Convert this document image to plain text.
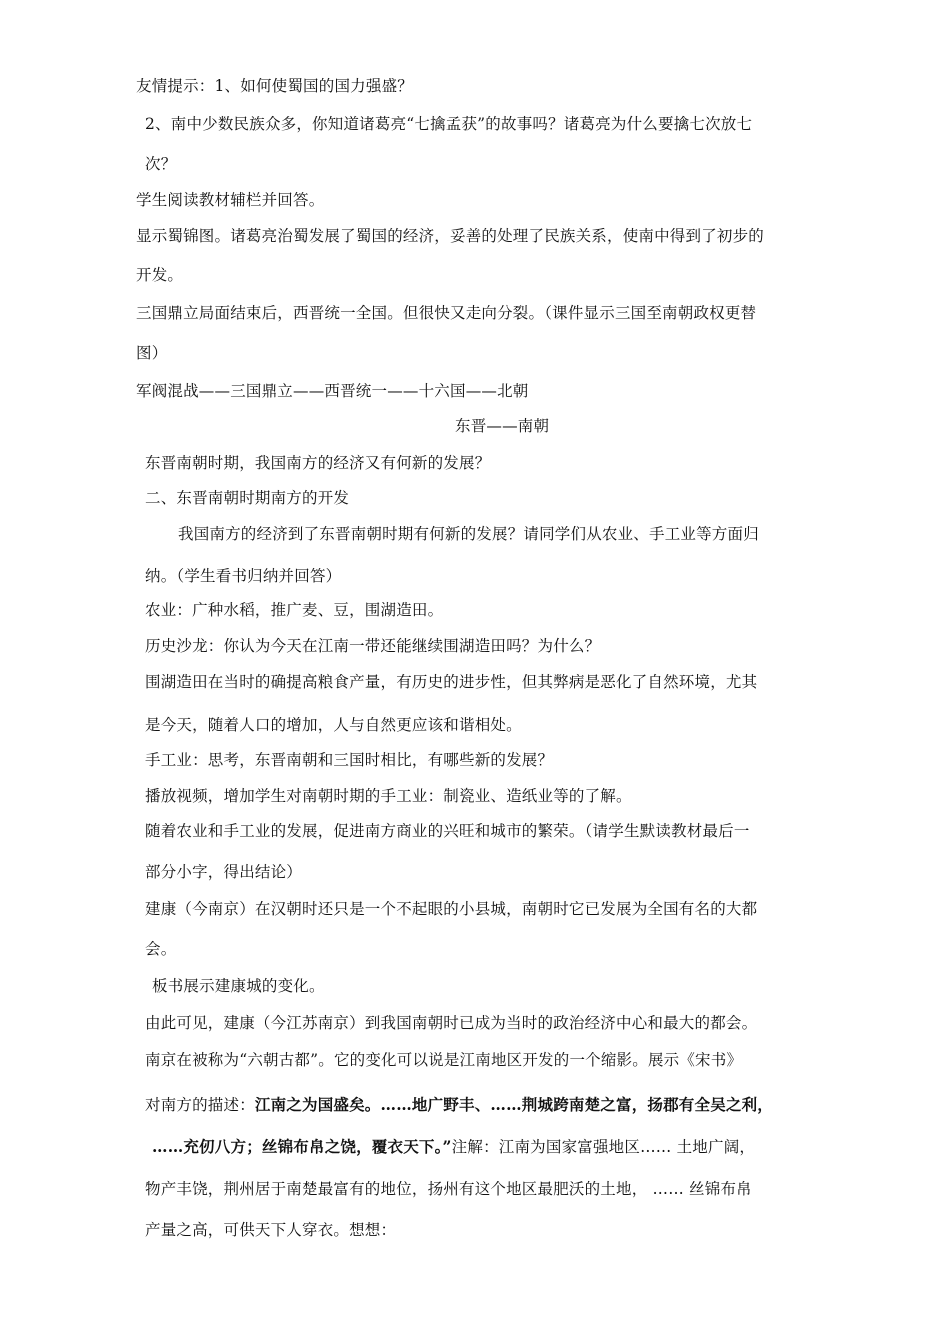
友情提示：1、如何使蜀国的国力强盛？
2、南中少数民族众多，你知道诸葛亮“七擒孟获”的故事吗？诸葛亮为什么要擒七次放七
次？
学生阅读教材辅栏并回答。
显示蜀锦图。诸葛亮治蜀发展了蜀国的经济，妥善的处理了民族关系，使南中得到了初步的
开发。
三国鼎立局面结束后，西晋统一全国。但很快又走向分裂。（课件显示三国至南朝政权更替
图）
军阀混战——三国鼎立——西晋统一——十六国——北朝
东晋——南朝
东晋南朝时期，我国南方的经济又有何新的发展？
二、东晋南朝时期南方的开发
我国南方的经济到了东晋南朝时期有何新的发展？请同学们从农业、手工业等方面归
纳。（学生看书归纳并回答）
农业：广种水稻，推广麦、豆，围湖造田。
历史沙龙：你认为今天在江南一带还能继续围湖造田吗？为什么？
围湖造田在当时的确提高粮食产量，有历史的进步性，但其弊病是恶化了自然环境，尤其
是今天，随着人口的增加，人与自然更应该和谐相处。
手工业：思考，东晋南朝和三国时相比，有哪些新的发展？
播放视频，增加学生对南朝时期的手工业：制瓷业、造纸业等的了解。
随着农业和手工业的发展，促进南方商业的兴旺和城市的繁荣。（请学生默读教材最后一
部分小字，得出结论）
建康（今南京）在汉朝时还只是一个不起眼的小县城，南朝时它已发展为全国有名的大都
会。
板书展示建康城的变化。
由此可见，建康（今江苏南京）到我国南朝时已成为当时的政治经济中心和最大的都会。
南京在被称为“六朝古都”。它的变化可以说是江南地区开发的一个缩影。展示《宋书》
对南方的描述：江南之为国盛矣。……地广野丰、……荆城跨南楚之富，扬郡有全吴之利，
……充仞八方；丝锦布帛之饶，覆衣天下。”注解：江南为国家富强地区…… 土地广阔，
物产丰饶，荆州居于南楚最富有的地位，扬州有这个地区最肥沃的土地， …… 丝锦布帛
产量之高，可供天下人穿衣。想想：
